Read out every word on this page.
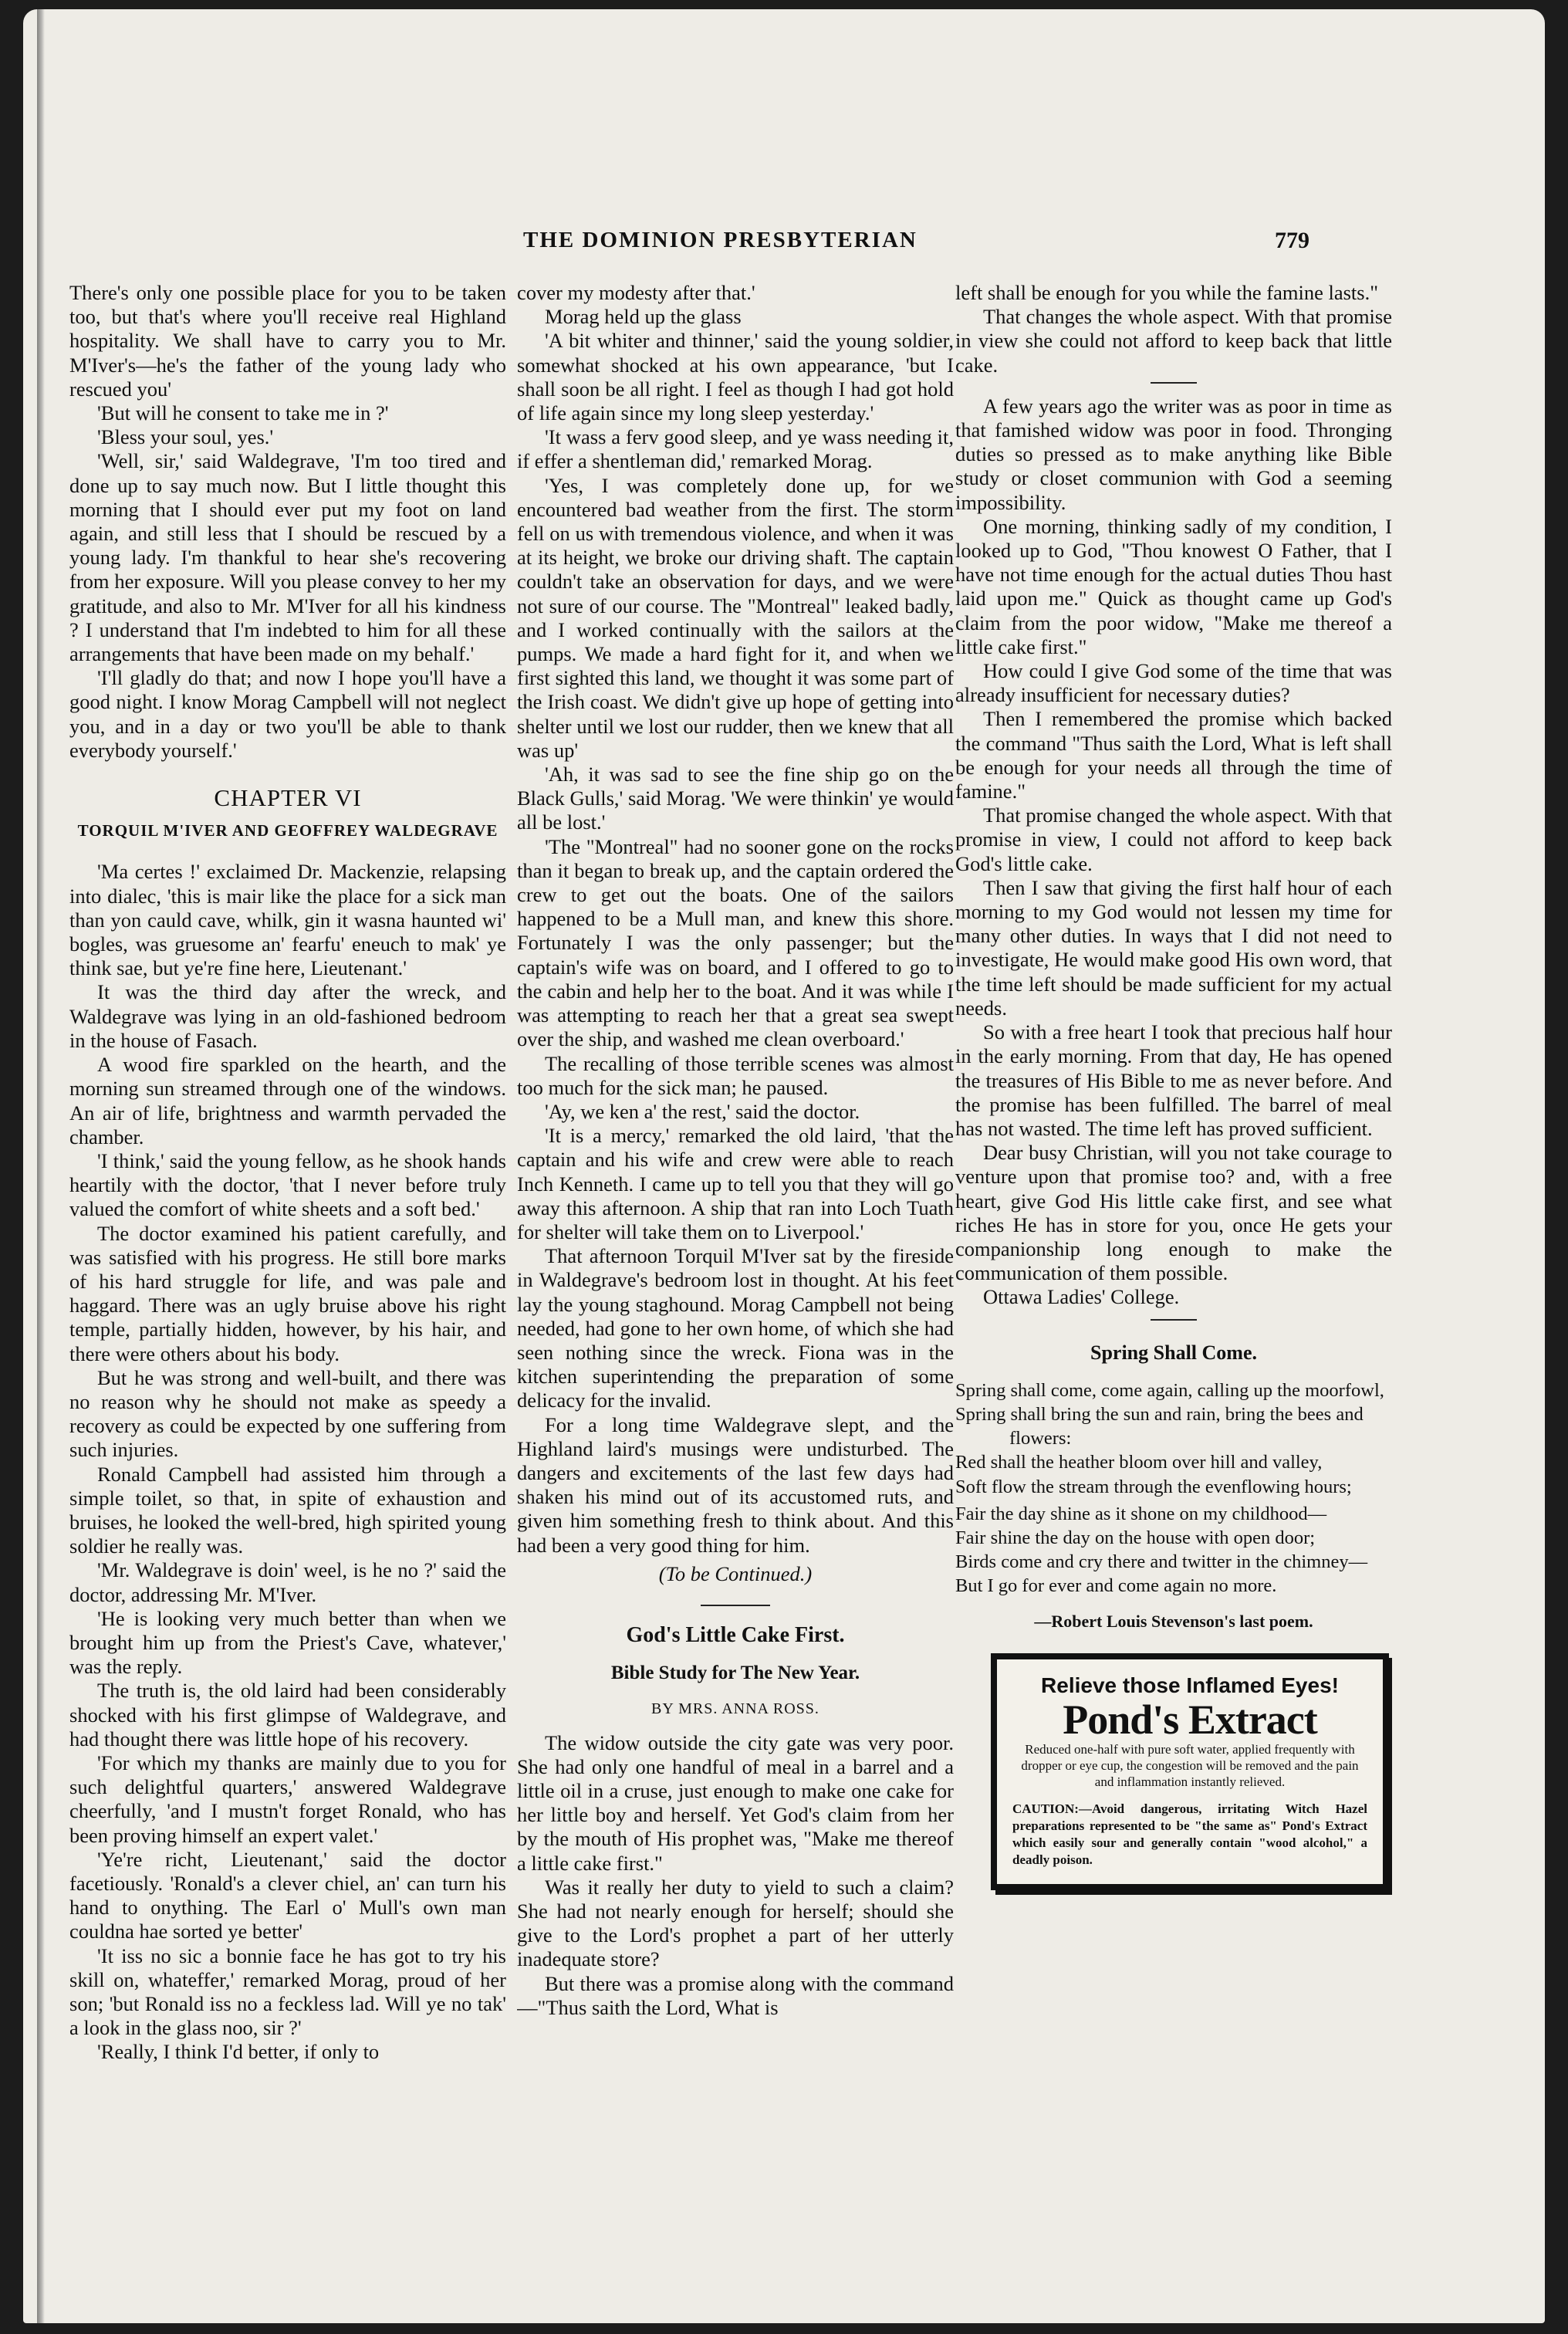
THE DOMINION PRESBYTERIAN	779

There's only one possible place for you to be taken too, but that's where you'll receive real Highland hospitality. We shall have to carry you to Mr. M'Iver's—he's the father of the young lady who rescued you'

'But will he consent to take me in ?'

'Bless your soul, yes.'

'Well, sir,' said Waldegrave, 'I'm too tired and done up to say much now. But I little thought this morning that I should ever put my foot on land again, and still less that I should be rescued by a young lady. I'm thankful to hear she's recovering from her exposure. Will you please convey to her my gratitude, and also to Mr. M'Iver for all his kindness ? I understand that I'm indebted to him for all these arrangements that have been made on my behalf.'

'I'll gladly do that; and now I hope you'll have a good night. I know Morag Campbell will not neglect you, and in a day or two you'll be able to thank everybody yourself.'

CHAPTER VI
TORQUIL M'IVER AND GEOFFREY WALDEGRAVE

'Ma certes !' exclaimed Dr. Mackenzie, relapsing into dialec, 'this is mair like the place for a sick man than yon cauld cave, whilk, gin it wasna haunted wi' bogles, was gruesome an' fearfu' eneuch to mak' ye think sae, but ye're fine here, Lieutenant.'

It was the third day after the wreck, and Waldegrave was lying in an old-fashioned bedroom in the house of Fasach.

A wood fire sparkled on the hearth, and the morning sun streamed through one of the windows. An air of life, brightness and warmth pervaded the chamber.

'I think,' said the young fellow, as he shook hands heartily with the doctor, 'that I never before truly valued the comfort of white sheets and a soft bed.'

The doctor examined his patient carefully, and was satisfied with his progress. He still bore marks of his hard struggle for life, and was pale and haggard. There was an ugly bruise above his right temple, partially hidden, however, by his hair, and there were others about his body.

But he was strong and well-built, and there was no reason why he should not make as speedy a recovery as could be expected by one suffering from such injuries.

Ronald Campbell had assisted him through a simple toilet, so that, in spite of exhaustion and bruises, he looked the well-bred, high spirited young soldier he really was.

'Mr. Waldegrave is doin' weel, is he no ?' said the doctor, addressing Mr. M'Iver.

'He is looking very much better than when we brought him up from the Priest's Cave, whatever,' was the reply.

The truth is, the old laird had been considerably shocked with his first glimpse of Waldegrave, and had thought there was little hope of his recovery.

'For which my thanks are mainly due to you for such delightful quarters,' answered Waldegrave cheerfully, 'and I mustn't forget Ronald, who has been proving himself an expert valet.'

'Ye're richt, Lieutenant,' said the doctor facetiously. 'Ronald's a clever chiel, an' can turn his hand to onything. The Earl o' Mull's own man couldna hae sorted ye better'

'It iss no sic a bonnie face he has got to try his skill on, whateffer,' remarked Morag, proud of her son; 'but Ronald iss no a feckless lad. Will ye no tak' a look in the glass noo, sir ?'

'Really, I think I'd better, if only to

cover my modesty after that.'

Morag held up the glass

'A bit whiter and thinner,' said the young soldier, somewhat shocked at his own appearance, 'but I shall soon be all right. I feel as though I had got hold of life again since my long sleep yesterday.'

'It wass a ferv good sleep, and ye wass needing it, if effer a shentleman did,' remarked Morag.

'Yes, I was completely done up, for we encountered bad weather from the first. The storm fell on us with tremendous violence, and when it was at its height, we broke our driving shaft. The captain couldn't take an observation for days, and we were not sure of our course. The "Montreal" leaked badly, and I worked continually with the sailors at the pumps. We made a hard fight for it, and when we first sighted this land, we thought it was some part of the Irish coast. We didn't give up hope of getting into shelter until we lost our rudder, then we knew that all was up'

'Ah, it was sad to see the fine ship go on the Black Gulls,' said Morag. 'We were thinkin' ye would all be lost.'

'The "Montreal" had no sooner gone on the rocks than it began to break up, and the captain ordered the crew to get out the boats. One of the sailors happened to be a Mull man, and knew this shore. Fortunately I was the only passenger; but the captain's wife was on board, and I offered to go to the cabin and help her to the boat. And it was while I was attempting to reach her that a great sea swept over the ship, and washed me clean overboard.'

The recalling of those terrible scenes was almost too much for the sick man; he paused.

'Ay, we ken a' the rest,' said the doctor.

'It is a mercy,' remarked the old laird, 'that the captain and his wife and crew were able to reach Inch Kenneth. I came up to tell you that they will go away this afternoon. A ship that ran into Loch Tuath for shelter will take them on to Liverpool.'

That afternoon Torquil M'Iver sat by the fireside in Waldegrave's bedroom lost in thought. At his feet lay the young staghound. Morag Campbell not being needed, had gone to her own home, of which she had seen nothing since the wreck. Fiona was in the kitchen superintending the preparation of some delicacy for the invalid.

For a long time Waldegrave slept, and the Highland laird's musings were undisturbed. The dangers and excitements of the last few days had shaken his mind out of its accustomed ruts, and given him something fresh to think about. And this had been a very good thing for him.

(To be Continued.)
God's Little Cake First.
Bible Study for The New Year.
BY MRS. ANNA ROSS.

The widow outside the city gate was very poor. She had only one handful of meal in a barrel and a little oil in a cruse, just enough to make one cake for her little boy and herself. Yet God's claim from her by the mouth of His prophet was, "Make me thereof a little cake first."

Was it really her duty to yield to such a claim? She had not nearly enough for herself; should she give to the Lord's prophet a part of her utterly inadequate store?

But there was a promise along with the command—"Thus saith the Lord, What is

left shall be enough for you while the famine lasts."

That changes the whole aspect. With that promise in view she could not afford to keep back that little cake.

A few years ago the writer was as poor in time as that famished widow was poor in food. Thronging duties so pressed as to make anything like Bible study or closet communion with God a seeming impossibility.

One morning, thinking sadly of my condition, I looked up to God, "Thou knowest O Father, that I have not time enough for the actual duties Thou hast laid upon me." Quick as thought came up God's claim from the poor widow, "Make me thereof a little cake first."

How could I give God some of the time that was already insufficient for necessary duties?

Then I remembered the promise which backed the command "Thus saith the Lord, What is left shall be enough for your needs all through the time of famine."

That promise changed the whole aspect. With that promise in view, I could not afford to keep back God's little cake.

Then I saw that giving the first half hour of each morning to my God would not lessen my time for many other duties. In ways that I did not need to investigate, He would make good His own word, that the time left should be made sufficient for my actual needs.

So with a free heart I took that precious half hour in the early morning. From that day, He has opened the treasures of His Bible to me as never before. And the promise has been fulfilled. The barrel of meal has not wasted. The time left has proved sufficient.

Dear busy Christian, will you not take courage to venture upon that promise too? and, with a free heart, give God His little cake first, and see what riches He has in store for you, once He gets your companionship long enough to make the communication of them possible.

Ottawa Ladies' College.

Spring Shall Come.

Spring shall come, come again, calling up the moorfowl,

Spring shall bring the sun and rain, bring the bees and flowers:

Red shall the heather bloom over hill and valley,

Soft flow the stream through the evenflowing hours;

Fair the day shine as it shone on my childhood—

Fair shine the day on the house with open door;

Birds come and cry there and twitter in the chimney—

But I go for ever and come again no more.

—Robert Louis Stevenson's last poem.
Relieve those Inflamed Eyes!
Pond's Extract
Reduced one-half with pure soft water, applied frequently with dropper or eye cup, the congestion will be removed and the pain and inflammation instantly relieved.
CAUTION:—Avoid dangerous, irritating Witch Hazel preparations represented to be "the same as" Pond's Extract which easily sour and generally contain "wood alcohol," a deadly poison.
